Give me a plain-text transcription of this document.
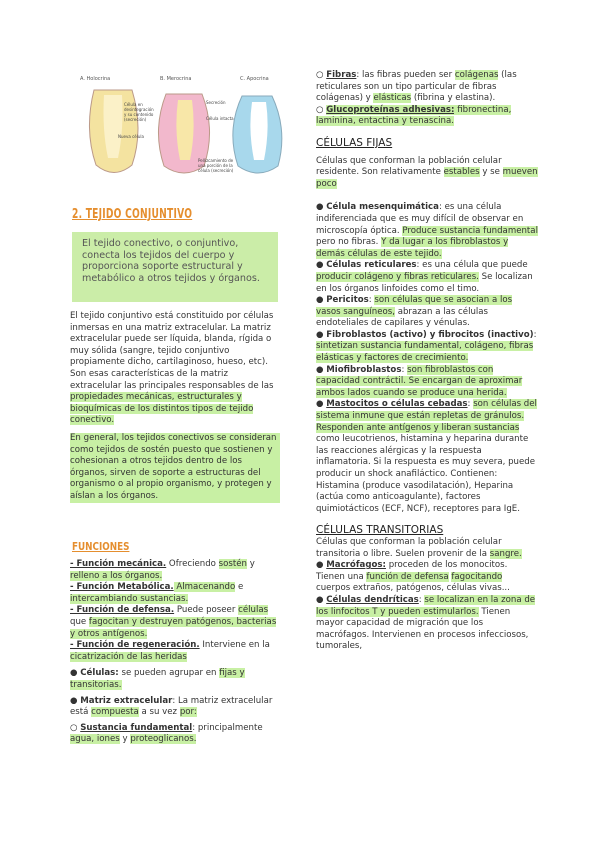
A. Holocrina	B. Merocrina	C. Apocrina
Célula en
desintegración
y su contenido
(secreción)
Nueva célula
Secreción
Célula intacta
Pellizcamiento de
una porción de la
célula (secreción)
2. TEJIDO CONJUNTIVO

El tejido conectivo, o conjuntivo, conecta los tejidos del cuerpo y proporciona soporte estructural y metabólico a otros tejidos y órganos.

El tejido conjuntivo está constituido por células inmersas en una matriz extracelular. La matriz extracelular puede ser líquida, blanda, rígida o muy sólida (sangre, tejido conjuntivo propiamente dicho, cartilaginoso, hueso, etc). Son esas características de la matriz extracelular las principales responsables de las propiedades mecánicas, estructurales y bioquímicas de los distintos tipos de tejido conectivo.

En general, los tejidos conectivos se consideran como tejidos de sostén puesto que sostienen y cohesionan a otros tejidos dentro de los órganos, sirven de soporte a estructuras del organismo o al propio organismo, y protegen y aíslan a los órganos.

FUNCIONES

- Función mecánica. Ofreciendo sostén y relleno a los órganos.

- Función Metabólica. Almacenando e intercambiando sustancias.

- Función de defensa. Puede poseer células que fagocitan y destruyen patógenos, bacterias y otros antígenos.

- Función de regeneración. Interviene en la cicatrización de las heridas

● Células: se pueden agrupar en fijas y transitorias.

● Matriz extracelular: La matriz extracelular está compuesta a su vez por:

○ Sustancia fundamental: principalmente agua, iones y proteoglicanos.

○ Fibras: las fibras pueden ser colágenas (las reticulares son un tipo particular de fibras colágenas) y elásticas (fibrina y elastina).

○ Glucoproteínas adhesivas: fibronectina, laminina, entactina y tenascina.

CÉLULAS FIJAS

Células que conforman la población celular residente. Son relativamente estables y se mueven poco

● Célula mesenquimática: es una célula indiferenciada que es muy difícil de observar en microscopía óptica. Produce sustancia fundamental pero no fibras. Y da lugar a los fibroblastos y demás células de este tejido.

● Células reticulares: es una célula que puede producir colágeno y fibras reticulares. Se localizan en los órganos linfoides como el timo.

● Pericitos: son células que se asocian a los vasos sanguíneos, abrazan a las células endoteliales de capilares y vénulas.

● Fibroblastos (activo) y fibrocitos (inactivo): sintetizan sustancia fundamental, colágeno, fibras elásticas y factores de crecimiento.

● Miofibroblastos: son fibroblastos con capacidad contráctil. Se encargan de aproximar ambos lados cuando se produce una herida.

● Mastocitos o células cebadas: son células del sistema inmune que están repletas de gránulos. Responden ante antígenos y liberan sustancias como leucotrienos, histamina y heparina durante las reacciones alérgicas y la respuesta inflamatoria. Si la respuesta es muy severa, puede producir un shock anafiláctico. Contienen: Histamina (produce vasodilatación), Heparina (actúa como anticoagulante), factores quimiotácticos (ECF, NCF), receptores para IgE.

CÉLULAS TRANSITORIAS

Células que conforman la población celular transitoria o libre. Suelen provenir de la sangre.

● Macrófagos: proceden de los monocitos. Tienen una función de defensa fagocitando cuerpos extraños, patógenos, células vivas...

● Células dendríticas: se localizan en la zona de los linfocitos T y pueden estimularlos. Tienen mayor capacidad de migración que los macrófagos. Intervienen en procesos infecciosos, tumorales,
